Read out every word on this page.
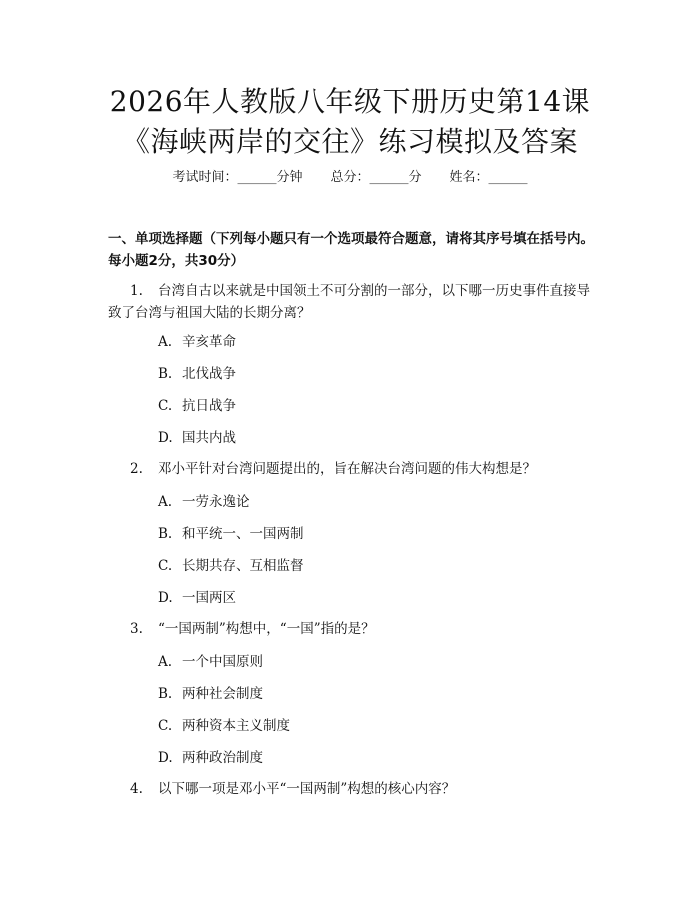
2026年人教版八年级下册历史第14课《海峡两岸的交往》练习模拟及答案
考试时间：______分钟 总分：______分 姓名：______
一、单项选择题（下列每小题只有一个选项最符合题意，请将其序号填在括号内。每小题2分，共30分）
1. 台湾自古以来就是中国领土不可分割的一部分，以下哪一历史事件直接导致了台湾与祖国大陆的长期分离？
A. 辛亥革命
B. 北伐战争
C. 抗日战争
D. 国共内战
2. 邓小平针对台湾问题提出的，旨在解决台湾问题的伟大构想是？
A. 一劳永逸论
B. 和平统一、一国两制
C. 长期共存、互相监督
D. 一国两区
3. “一国两制”构想中，“一国”指的是？
A. 一个中国原则
B. 两种社会制度
C. 两种资本主义制度
D. 两种政治制度
4. 以下哪一项是邓小平“一国两制”构想的核心内容？
